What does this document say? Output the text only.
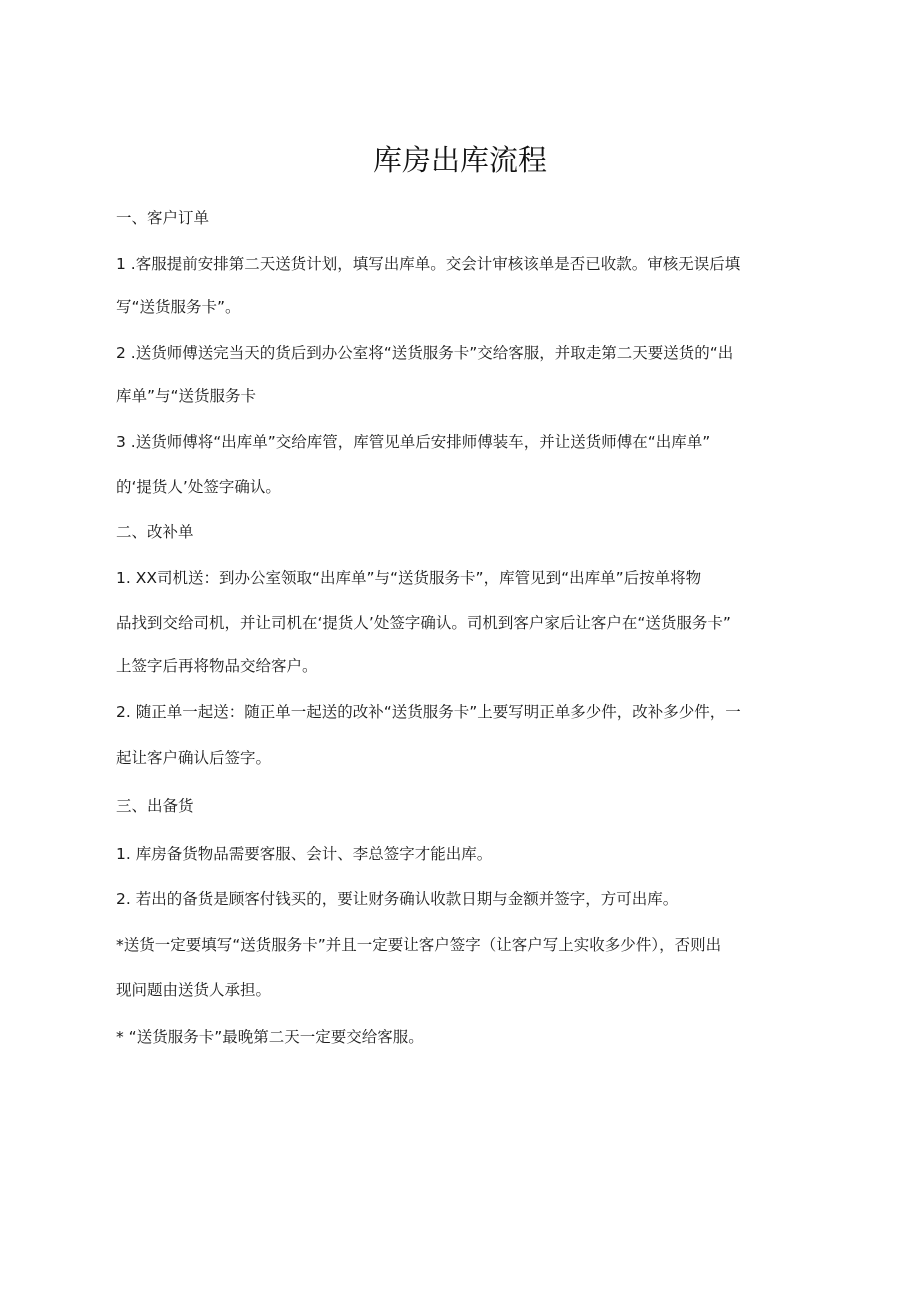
库房出库流程
一、客户订单
1 .客服提前安排第二天送货计划，填写出库单。交会计审核该单是否已收款。审核无误后填
写“送货服务卡”。
2 .送货师傅送完当天的货后到办公室将“送货服务卡”交给客服，并取走第二天要送货的“出
库单”与“送货服务卡
3 .送货师傅将“出库单”交给库管，库管见单后安排师傅装车，并让送货师傅在“出库单”
的‘提货人’处签字确认。
二、改补单
1. XX司机送：到办公室领取“出库单”与“送货服务卡”，库管见到“出库单”后按单将物
品找到交给司机，并让司机在‘提货人’处签字确认。司机到客户家后让客户在“送货服务卡”
上签字后再将物品交给客户。
2. 随正单一起送：随正单一起送的改补“送货服务卡”上要写明正单多少件，改补多少件，一
起让客户确认后签字。
三、出备货
1. 库房备货物品需要客服、会计、李总签字才能出库。
2. 若出的备货是顾客付钱买的，要让财务确认收款日期与金额并签字，方可出库。
*送货一定要填写“送货服务卡”并且一定要让客户签字（让客户写上实收多少件），否则出
现问题由送货人承担。
* “送货服务卡”最晚第二天一定要交给客服。
